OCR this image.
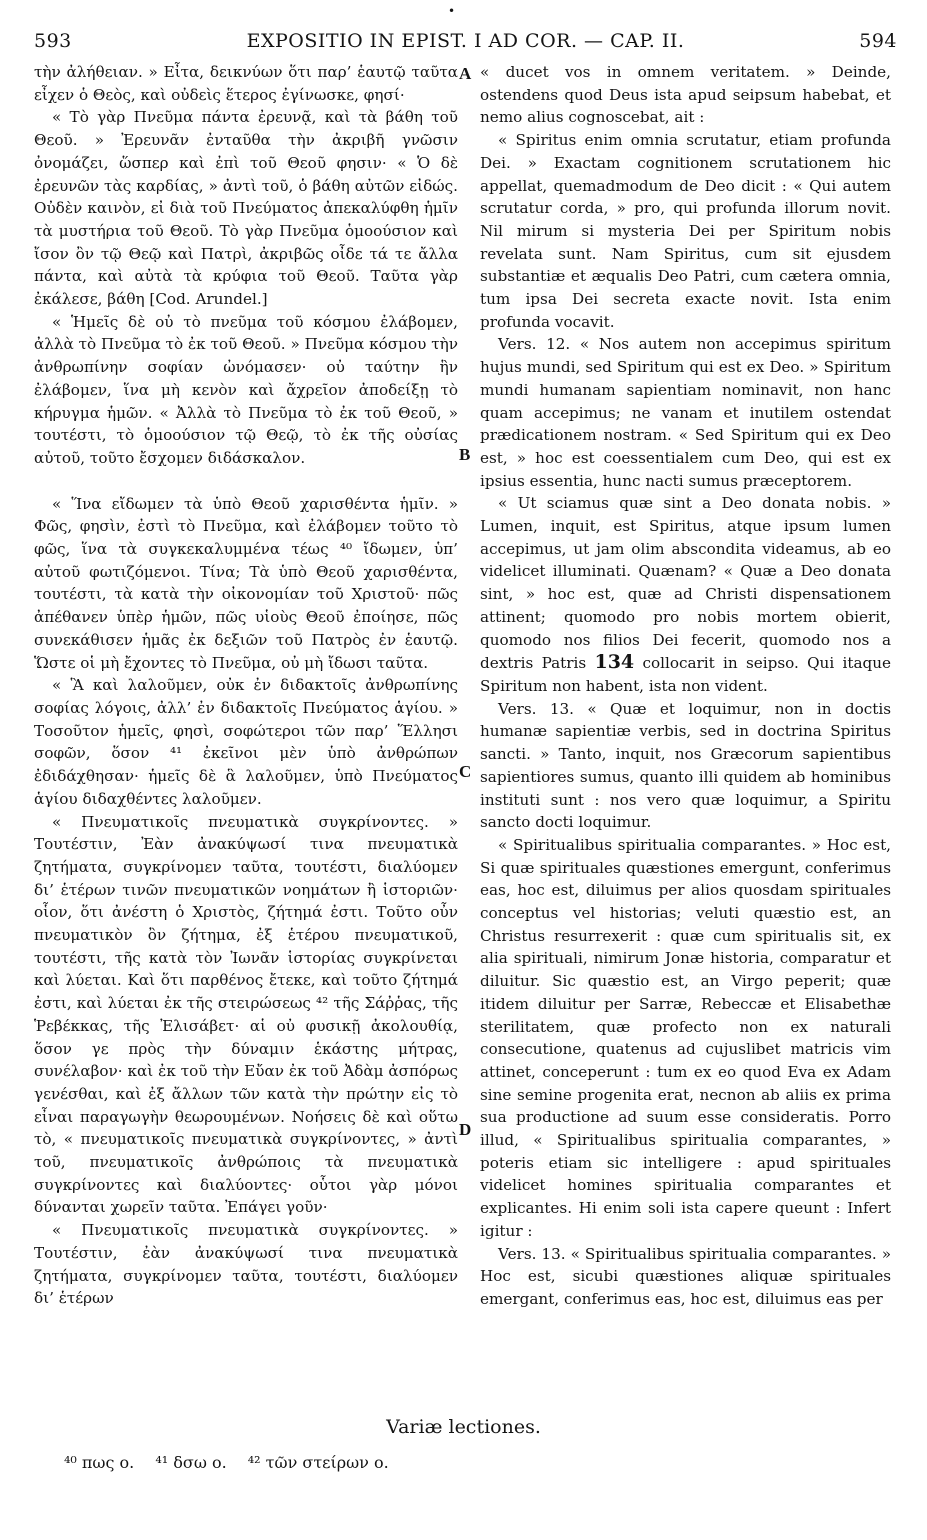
•
593	EXPOSITIO IN EPIST. I AD COR. — CAP. II.	594

τὴν ἀλήθειαν. » Εἶτα, δεικνύων ὅτι παρ’ ἑαυτῷ ταῦτα εἶχεν ὁ Θεὸς, καὶ οὐδεὶς ἕτερος ἐγίνωσκε, φησί·

« Τὸ γὰρ Πνεῦμα πάντα ἐρευνᾷ, καὶ τὰ βάθη τοῦ Θεοῦ. » Ἐρευνᾶν ἐνταῦθα τὴν ἀκριβῆ γνῶσιν ὀνομάζει, ὥσπερ καὶ ἐπὶ τοῦ Θεοῦ φησιν· « Ὁ δὲ ἐρευνῶν τὰς καρδίας, » ἀντὶ τοῦ, ὁ βάθη αὐτῶν εἰδώς. Οὐδὲν καινὸν, εἰ διὰ τοῦ Πνεύματος ἀπεκαλύφθη ἡμῖν τὰ μυστήρια τοῦ Θεοῦ. Τὸ γὰρ Πνεῦμα ὁμοούσιον καὶ ἴσον ὂν τῷ Θεῷ καὶ Πατρὶ, ἀκριβῶς οἶδε τά τε ἄλλα πάντα, καὶ αὐτὰ τὰ κρύφια τοῦ Θεοῦ. Ταῦτα γὰρ ἐκάλεσε, βάθη [Cod. Arundel.]

« Ἡμεῖς δὲ οὐ τὸ πνεῦμα τοῦ κόσμου ἐλάβομεν, ἀλλὰ τὸ Πνεῦμα τὸ ἐκ τοῦ Θεοῦ. » Πνεῦμα κόσμου τὴν ἀνθρωπίνην σοφίαν ὠνόμασεν· οὐ ταύτην ἣν ἐλάβομεν, ἵνα μὴ κενὸν καὶ ἄχρεῖον ἀποδείξῃ τὸ κήρυγμα ἡμῶν. « Ἀλλὰ τὸ Πνεῦμα τὸ ἐκ τοῦ Θεοῦ, » τουτέστι, τὸ ὁμοούσιον τῷ Θεῷ, τὸ ἐκ τῆς οὐσίας αὐτοῦ, τοῦτο ἔσχομεν διδάσκαλον.

« Ἵνα εἴδωμεν τὰ ὑπὸ Θεοῦ χαρισθέντα ἡμῖν. » Φῶς, φησὶν, ἐστὶ τὸ Πνεῦμα, καὶ ἐλάβομεν τοῦτο τὸ φῶς, ἵνα τὰ συγκεκαλυμμένα τέως ⁴⁰ ἴδωμεν, ὑπ’ αὐτοῦ φωτιζόμενοι. Τίνα; Τὰ ὑπὸ Θεοῦ χαρισθέντα, τουτέστι, τὰ κατὰ τὴν οἰκονομίαν τοῦ Χριστοῦ· πῶς ἀπέθανεν ὑπὲρ ἡμῶν, πῶς υἱοὺς Θεοῦ ἐποίησε, πῶς συνεκάθισεν ἡμᾶς ἐκ δεξιῶν τοῦ Πατρὸς ἐν ἑαυτῷ. Ὥστε οἱ μὴ ἔχοντες τὸ Πνεῦμα, οὐ μὴ ἴδωσι ταῦτα.

« Ἃ καὶ λαλοῦμεν, οὐκ ἐν διδακτοῖς ἀνθρωπίνης σοφίας λόγοις, ἀλλ’ ἐν διδακτοῖς Πνεύματος ἁγίου. » Τοσοῦτον ἡμεῖς, φησὶ, σοφώτεροι τῶν παρ’ Ἕλλησι σοφῶν, ὅσον ⁴¹ ἐκεῖνοι μὲν ὑπὸ ἀνθρώπων ἐδιδάχθησαν· ἡμεῖς δὲ ἃ λαλοῦμεν, ὑπὸ Πνεύματος ἁγίου διδαχθέντες λαλοῦμεν.

« Πνευματικοῖς πνευματικὰ συγκρίνοντες. » Τουτέστιν, Ἐὰν ἀνακύψωσί τινα πνευματικὰ ζητήματα, συγκρίνομεν ταῦτα, τουτέστι, διαλύομεν δι’ ἑτέρων τινῶν πνευματικῶν νοημάτων ἢ ἱστοριῶν· οἷον, ὅτι ἀνέστη ὁ Χριστὸς, ζήτημά ἐστι. Τοῦτο οὖν πνευματικὸν ὂν ζήτημα, ἐξ ἑτέρου πνευματικοῦ, τουτέστι, τῆς κατὰ τὸν Ἰωνᾶν ἱστορίας συγκρίνεται καὶ λύεται. Καὶ ὅτι παρθένος ἔτεκε, καὶ τοῦτο ζήτημά ἐστι, καὶ λύεται ἐκ τῆς στειρώσεως ⁴² τῆς Σάῤῥας, τῆς Ῥεβέκκας, τῆς Ἐλισάβετ· αἱ οὐ φυσικῇ ἀκολουθίᾳ, ὅσον γε πρὸς τὴν δύναμιν ἑκάστης μήτρας, συνέλαβον· καὶ ἐκ τοῦ τὴν Εὔαν ἐκ τοῦ Ἀδὰμ ἀσπόρως γενέσθαι, καὶ ἐξ ἄλλων τῶν κατὰ τὴν πρώτην εἰς τὸ εἶναι παραγωγὴν θεωρουμένων. Νοήσεις δὲ καὶ οὕτω τὸ, « πνευματικοῖς πνευματικὰ συγκρίνοντες, » ἀντὶ τοῦ, πνευματικοῖς ἀνθρώποις τὰ πνευματικὰ συγκρίνοντες καὶ διαλύοντες· οὗτοι γὰρ μόνοι δύνανται χωρεῖν ταῦτα. Ἐπάγει γοῦν·

« Πνευματικοῖς πνευματικὰ συγκρίνοντες. » Τουτέστιν, ἐὰν ἀνακύψωσί τινα πνευματικὰ ζητήματα, συγκρίνομεν ταῦτα, τουτέστι, διαλύομεν δι’ ἑτέρων

A
B
C
D

« ducet vos in omnem veritatem. » Deinde, ostendens quod Deus ista apud seipsum habebat, et nemo alius cognoscebat, ait :

« Spiritus enim omnia scrutatur, etiam profunda Dei. » Exactam cognitionem scrutationem hic appellat, quemadmodum de Deo dicit : « Qui autem scrutatur corda, » pro, qui profunda illorum novit. Nil mirum si mysteria Dei per Spiritum nobis revelata sunt. Nam Spiritus, cum sit ejusdem substantiæ et æqualis Deo Patri, cum cætera omnia, tum ipsa Dei secreta exacte novit. Ista enim profunda vocavit.

Vers. 12. « Nos autem non accepimus spiritum hujus mundi, sed Spiritum qui est ex Deo. » Spiritum mundi humanam sapientiam nominavit, non hanc quam accepimus; ne vanam et inutilem ostendat prædicationem nostram. « Sed Spiritum qui ex Deo est, » hoc est coessentialem cum Deo, qui est ex ipsius essentia, hunc nacti sumus præceptorem.

« Ut sciamus quæ sint a Deo donata nobis. » Lumen, inquit, est Spiritus, atque ipsum lumen accepimus, ut jam olim abscondita videamus, ab eo videlicet illuminati. Quænam? « Quæ a Deo donata sint, » hoc est, quæ ad Christi dispensationem attinent; quomodo pro nobis mortem obierit, quomodo nos filios Dei fecerit, quomodo nos a dextris Patris 134 collocarit in seipso. Qui itaque Spiritum non habent, ista non vident.

Vers. 13. « Quæ et loquimur, non in doctis humanæ sapientiæ verbis, sed in doctrina Spiritus sancti. » Tanto, inquit, nos Græcorum sapientibus sapientiores sumus, quanto illi quidem ab hominibus instituti sunt : nos vero quæ loquimur, a Spiritu sancto docti loquimur.

« Spiritualibus spiritualia comparantes. » Hoc est, Si quæ spirituales quæstiones emergunt, conferimus eas, hoc est, diluimus per alios quosdam spirituales conceptus vel historias; veluti quæstio est, an Christus resurrexerit : quæ cum spiritualis sit, ex alia spirituali, nimirum Jonæ historia, comparatur et diluitur. Sic quæstio est, an Virgo peperit; quæ itidem diluitur per Sarræ, Rebeccæ et Elisabethæ sterilitatem, quæ profecto non ex naturali consecutione, quatenus ad cujuslibet matricis vim attinet, conceperunt : tum ex eo quod Eva ex Adam sine semine progenita erat, necnon ab aliis ex prima sua productione ad suum esse consideratis. Porro illud, « Spiritualibus spiritualia comparantes, » poteris etiam sic intelligere : apud spirituales videlicet homines spiritualia comparantes et explicantes. Hi enim soli ista capere queunt : Infert igitur :

Vers. 13. « Spiritualibus spiritualia comparantes. » Hoc est, sicubi quæstiones aliquæ spirituales emergant, conferimus eas, hoc est, diluimus eas per

Variæ lectiones.
⁴⁰ πως ο. ⁴¹ δσω ο. ⁴² τῶν στείρων ο.
